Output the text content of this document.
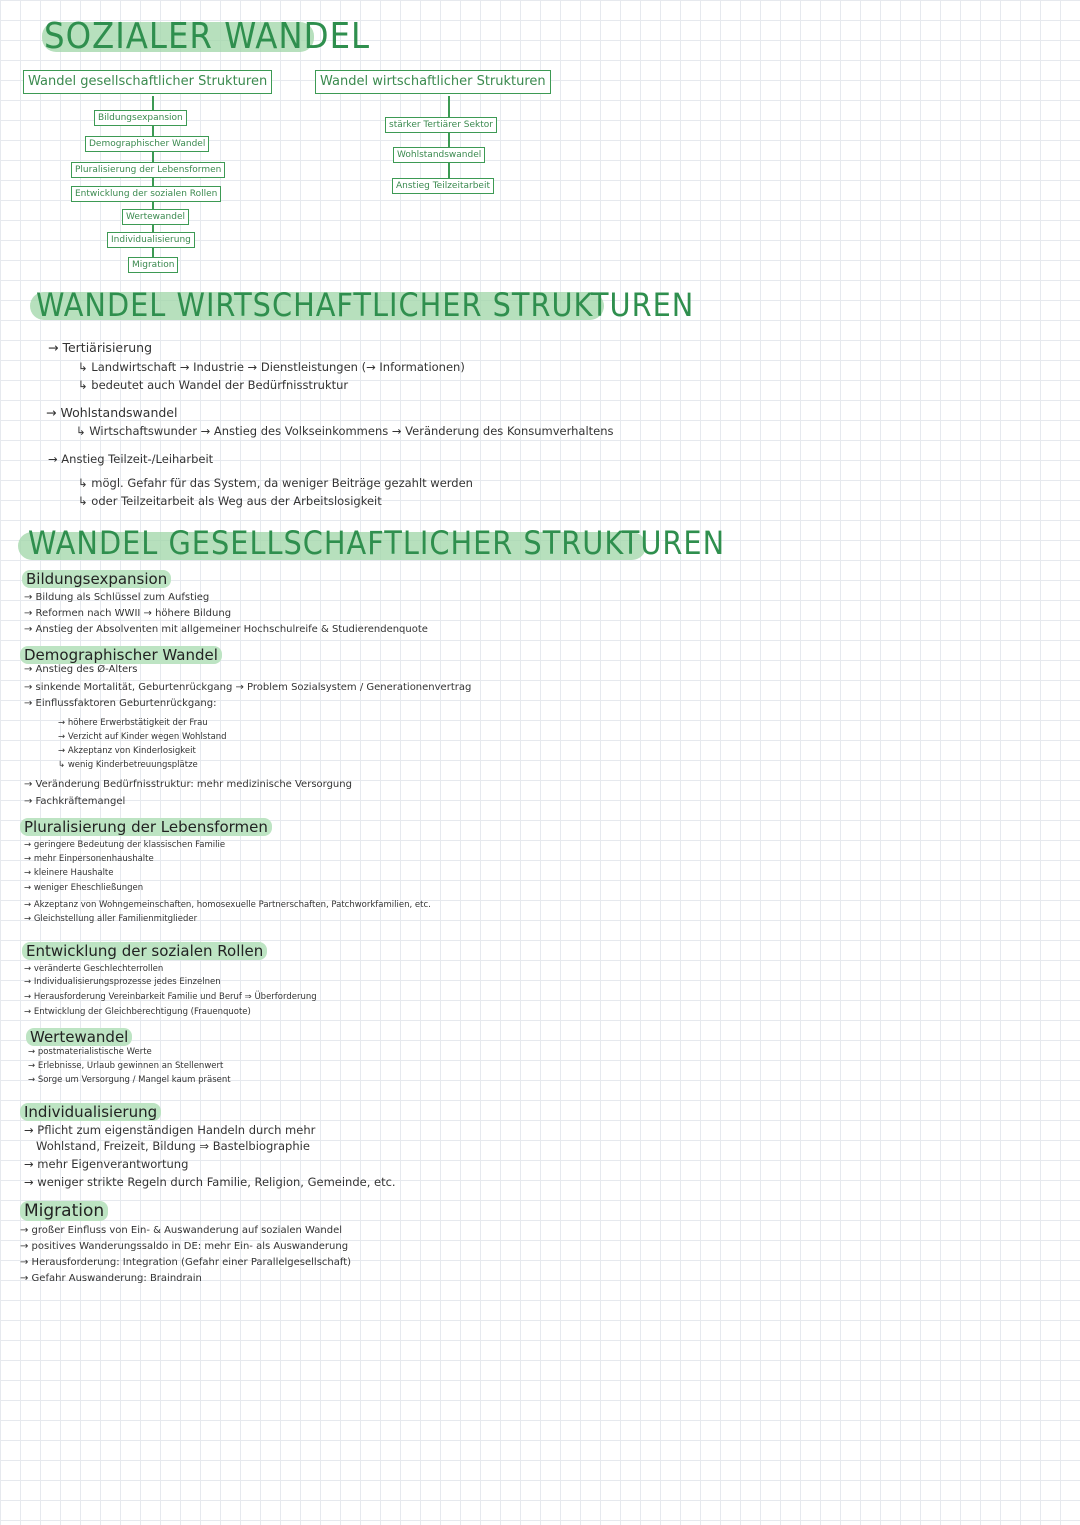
SOZIALER WANDEL
Wandel gesellschaftlicher Strukturen	Wandel wirtschaftlicher Strukturen
Bildungsexpansion
Demographischer Wandel
Pluralisierung der Lebensformen
Entwicklung der sozialen Rollen
Wertewandel
Individualisierung
Migration
stärker Tertiärer Sektor
Wohlstandswandel
Anstieg Teilzeitarbeit
WANDEL WIRTSCHAFTLICHER STRUKTUREN
→ Tertiärisierung
↳ Landwirtschaft → Industrie → Dienstleistungen (→ Informationen)
↳ bedeutet auch Wandel der Bedürfnisstruktur
→ Wohlstandswandel
↳ Wirtschaftswunder → Anstieg des Volkseinkommens → Veränderung des Konsumverhaltens
→ Anstieg Teilzeit-/Leiharbeit
↳ mögl. Gefahr für das System, da weniger Beiträge gezahlt werden
↳ oder Teilzeitarbeit als Weg aus der Arbeitslosigkeit
WANDEL GESELLSCHAFTLICHER STRUKTUREN
Bildungsexpansion
→ Bildung als Schlüssel zum Aufstieg
→ Reformen nach WWII → höhere Bildung
→ Anstieg der Absolventen mit allgemeiner Hochschulreife & Studierendenquote
Demographischer Wandel
→ Anstieg des Ø-Alters
→ sinkende Mortalität, Geburtenrückgang → Problem Sozialsystem / Generationenvertrag
→ Einflussfaktoren Geburtenrückgang:
→ höhere Erwerbstätigkeit der Frau
→ Verzicht auf Kinder wegen Wohlstand
→ Akzeptanz von Kinderlosigkeit
↳ wenig Kinderbetreuungsplätze
→ Veränderung Bedürfnisstruktur: mehr medizinische Versorgung
→ Fachkräftemangel
Pluralisierung der Lebensformen
→ geringere Bedeutung der klassischen Familie
→ mehr Einpersonenhaushalte
→ kleinere Haushalte
→ weniger Eheschließungen
→ Akzeptanz von Wohngemeinschaften, homosexuelle Partnerschaften, Patchworkfamilien, etc.
→ Gleichstellung aller Familienmitglieder
Entwicklung der sozialen Rollen
→ veränderte Geschlechterrollen
→ Individualisierungsprozesse jedes Einzelnen
→ Herausforderung Vereinbarkeit Familie und Beruf ⇒ Überforderung
→ Entwicklung der Gleichberechtigung (Frauenquote)
Wertewandel
→ postmaterialistische Werte
→ Erlebnisse, Urlaub gewinnen an Stellenwert
→ Sorge um Versorgung / Mangel kaum präsent
Individualisierung
→ Pflicht zum eigenständigen Handeln durch mehr
Wohlstand, Freizeit, Bildung ⇒ Bastelbiographie
→ mehr Eigenverantwortung
→ weniger strikte Regeln durch Familie, Religion, Gemeinde, etc.
Migration
→ großer Einfluss von Ein- & Auswanderung auf sozialen Wandel
→ positives Wanderungssaldo in DE: mehr Ein- als Auswanderung
→ Herausforderung: Integration (Gefahr einer Parallelgesellschaft)
→ Gefahr Auswanderung: Braindrain
